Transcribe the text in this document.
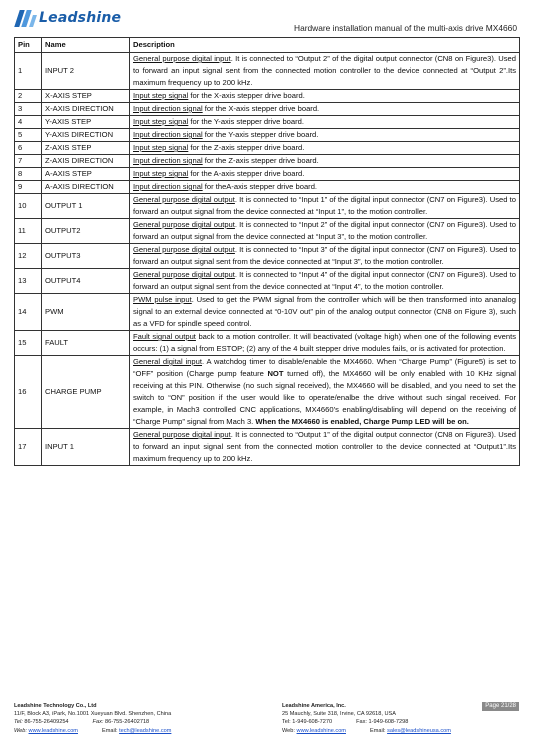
Leadshine
Hardware installation manual of the multi-axis drive MX4660
Pin	Name	Description
1	INPUT 2	General purpose digital input. It is connected to “Output 2” of the digital output connector (CN8 on Figure3). Used to forward an input signal sent from the connected motion controller to the device connected at “Output 2”.Its maximum frequency up to 200 kHz.
2	X-AXIS STEP	Input step signal for the X-axis stepper drive board.
3	X-AXIS DIRECTION	Input direction signal for the X-axis stepper drive board.
4	Y-AXIS STEP	Input step signal for the Y-axis stepper drive board.
5	Y-AXIS DIRECTION	Input direction signal for the Y-axis stepper drive board.
6	Z-AXIS STEP	Input step signal for the Z-axis stepper drive board.
7	Z-AXIS DIRECTION	Input direction signal for the Z-axis stepper drive board.
8	A-AXIS STEP	Input step signal for the A-axis stepper drive board.
9	A-AXIS DIRECTION	Input direction signal for theA-axis stepper drive board.
10	OUTPUT 1	General purpose digital output. It is connected to “Input 1” of the digital input connector (CN7 on Figure3). Used to forward an output signal from the device connected at “Input 1”, to the motion controller.
11	OUTPUT2	General purpose digital output. It is connected to “Input 2” of the digital input connector (CN7 on Figure3). Used to forward an output signal from the device connected at “Input 3”, to the motion controller.
12	OUTPUT3	General purpose digital output. It is connected to “Input 3” of the digital input connector (CN7 on Figure3). Used to forward an output signal sent from the device connected at “Input 3”, to the motion controller.
13	OUTPUT4	General purpose digital output. It is connected to “Input 4” of the digital input connector (CN7 on Figure3). Used to forward an output signal sent from the device connected at “Input 4”, to the motion controller.
14	PWM	PWM pulse input. Used to get the PWM signal from the controller which will be then transformed into ananalog signal to an external device connected at “0-10V out” pin of the analog output connector (CN8 on Figure 3), such as a VFD for spindle speed control.
15	FAULT	Fault signal output back to a motion controller. It will beactivated (voltage high) when one of the following events occurs: (1) a signal from ESTOP; (2) any of the 4 built stepper drive modules fails, or is activated for protection.
16	CHARGE PUMP	General digital input. A watchdog timer to disable/enable the MX4660. When “Charge Pump” (Figure5) is set to “OFF” position (Charge pump feature NOT turned off), the MX4660 will be only enabled with 10 KHz signal receiving at this PIN. Otherwise (no such signal received), the MX4660 will be disabled, and you need to set the switch to “ON” position if the user would like to operate/enalbe the drive without such singal received. For example, in Mach3 controlled CNC applications, MX4660’s enabling/disabling will depend on the receiving of “Charge Pump” signal from Mach 3. When the MX4660 is enabled, Charge Pump LED will be on.
17	INPUT 1	General purpose digital input. It is connected to “Output 1” of the digital output connector (CN8 on Figure3). Used to forward an input signal sent from the connected motion controller to the device connected at “Output1”.Its maximum frequency up to 200 kHz.
Leadshine Technology Co., Ltd
11/F, Block A3, iPark, No.1001 Xueyuan Blvd. Shenzhen, China
Tel: 86-755-26409254	Fax: 86-755-26402718
Web: www.leadshine.com	Email: tech@leadshine.com
Leadshine America, Inc.
25 Mauchly, Suite 318, Irvine, CA 92618, USA
Tel: 1-949-608-7270	Fax: 1-949-608-7298
Web: www.leadshine.com	Email: sales@leadshineusa.com
Page 21/28
